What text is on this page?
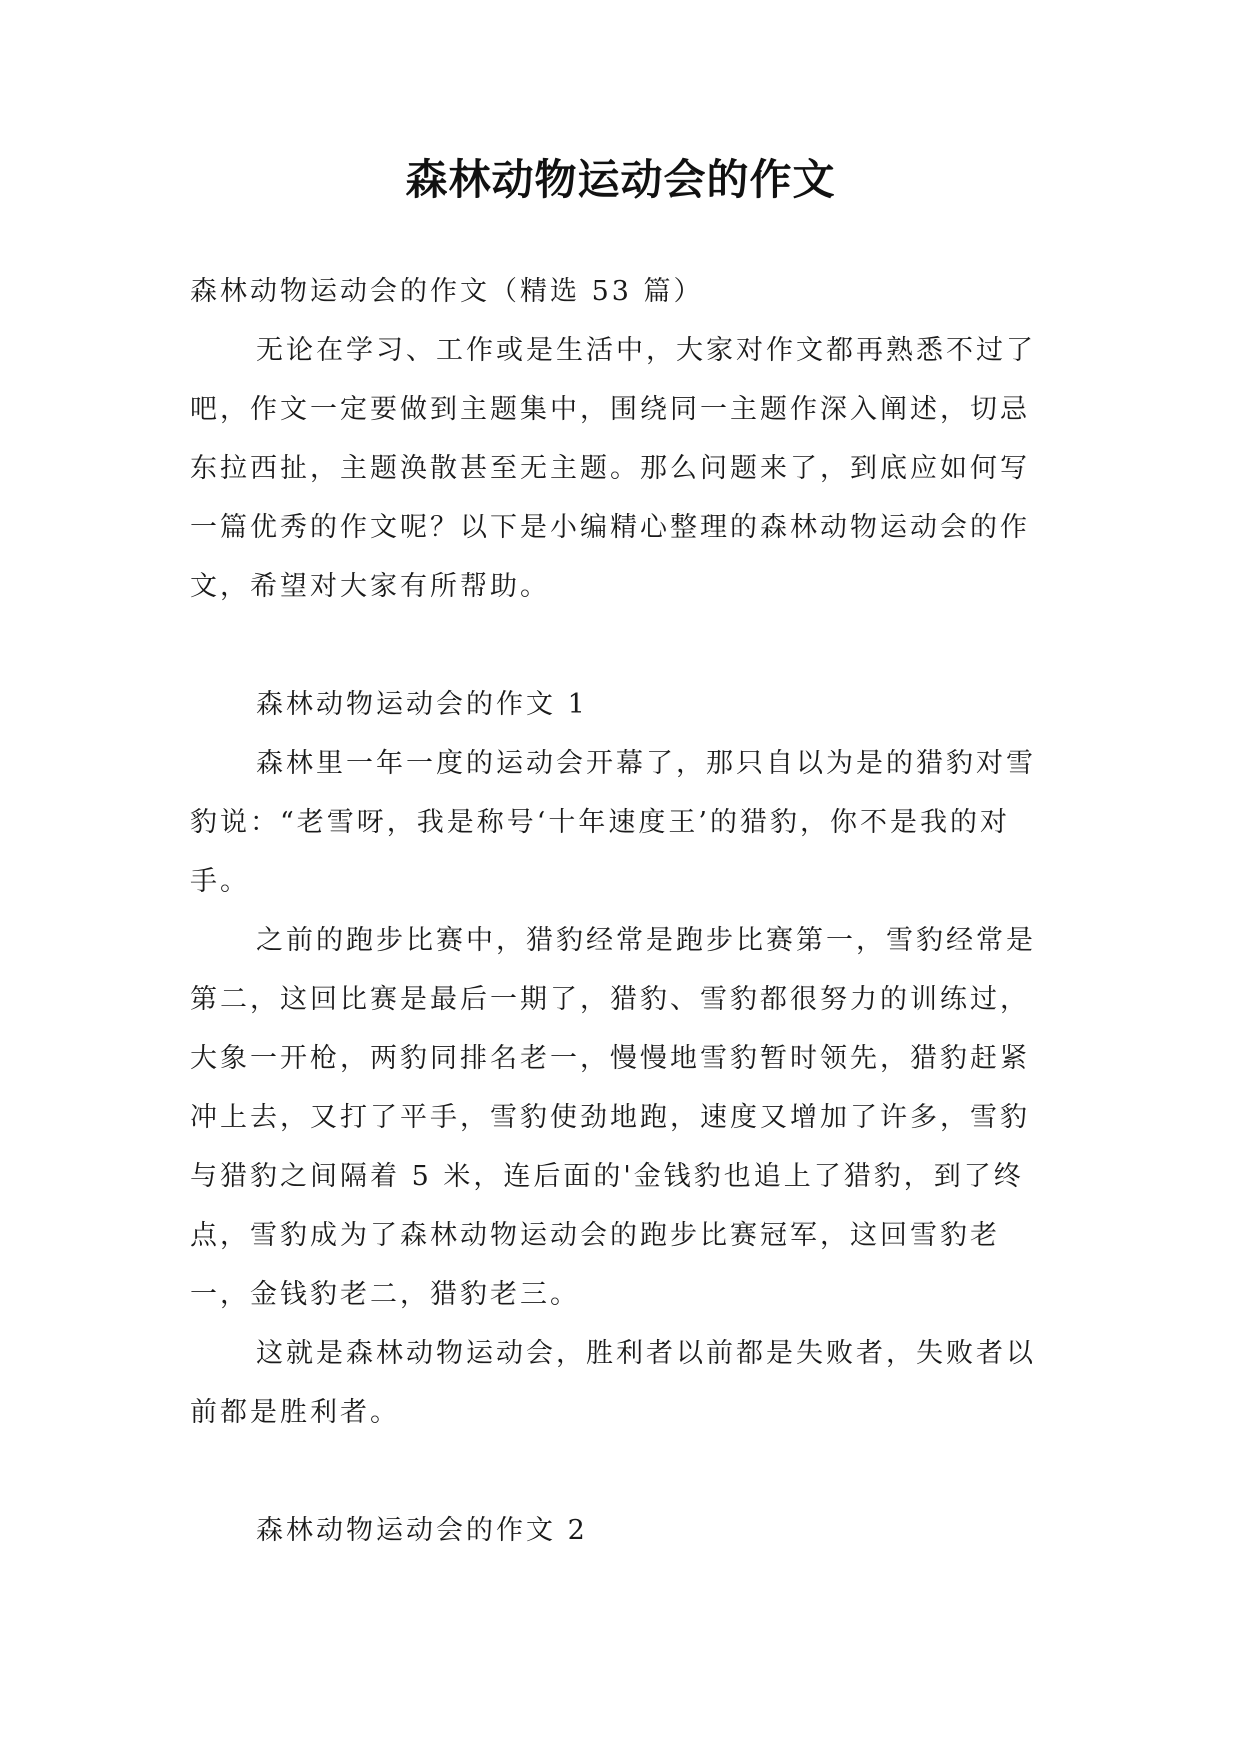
森林动物运动会的作文

森林动物运动会的作文（精选 53 篇）

无论在学习、工作或是生活中，大家对作文都再熟悉不过了吧，作文一定要做到主题集中，围绕同一主题作深入阐述，切忌东拉西扯，主题涣散甚至无主题。那么问题来了，到底应如何写一篇优秀的作文呢？以下是小编精心整理的森林动物运动会的作文，希望对大家有所帮助。

森林动物运动会的作文 1

森林里一年一度的运动会开幕了，那只自以为是的猎豹对雪豹说：“老雪呀，我是称号‘十年速度王’的猎豹，你不是我的对手。

之前的跑步比赛中，猎豹经常是跑步比赛第一，雪豹经常是第二，这回比赛是最后一期了，猎豹、雪豹都很努力的训练过，大象一开枪，两豹同排名老一，慢慢地雪豹暂时领先，猎豹赶紧冲上去，又打了平手，雪豹使劲地跑，速度又增加了许多，雪豹与猎豹之间隔着 5 米，连后面的'金钱豹也追上了猎豹，到了终点，雪豹成为了森林动物运动会的跑步比赛冠军，这回雪豹老一，金钱豹老二，猎豹老三。

这就是森林动物运动会，胜利者以前都是失败者，失败者以前都是胜利者。

森林动物运动会的作文 2
